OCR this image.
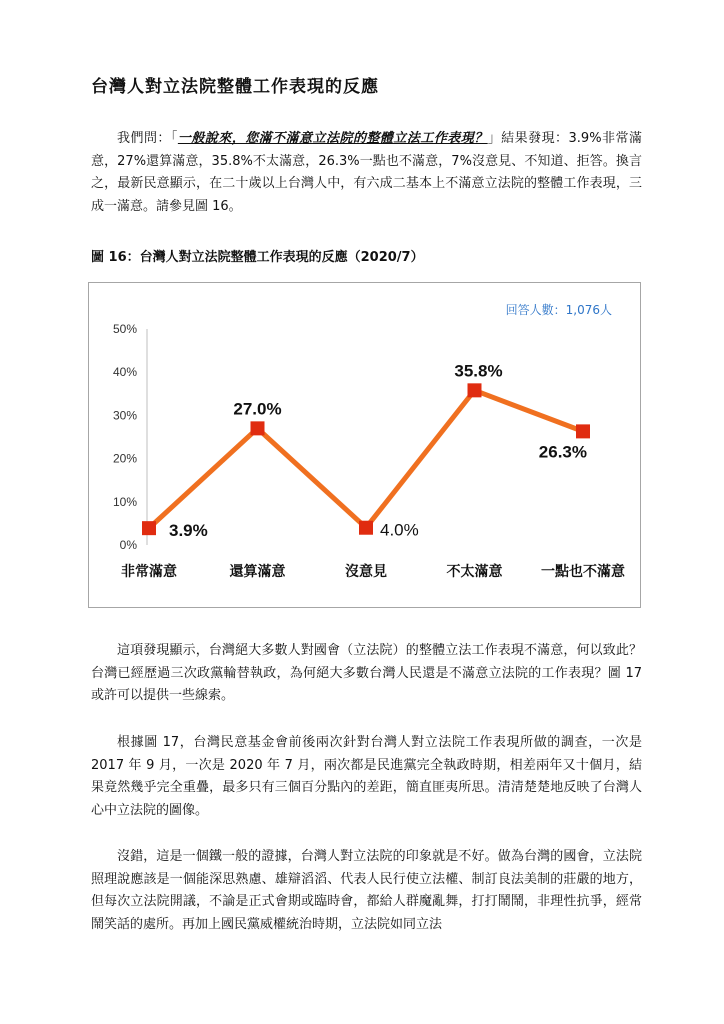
台灣人對立法院整體工作表現的反應

我們問：「一般說來，您滿不滿意立法院的整體立法工作表現？」結果發現：3.9%非常滿意，27%還算滿意，35.8%不太滿意，26.3%一點也不滿意，7%沒意見、不知道、拒答。換言之，最新民意顯示，在二十歲以上台灣人中，有六成二基本上不滿意立法院的整體工作表現，三成一滿意。請參見圖 16。

圖 16：台灣人對立法院整體工作表現的反應（2020/7）

回答人數：1,076人
0%
10%
20%
30%
40%
50%
非常滿意	還算滿意	沒意見	不太滿意	一點也不滿意
3.9%
27.0%
4.0%
35.8%
26.3%

這項發現顯示，台灣絕大多數人對國會（立法院）的整體立法工作表現不滿意，何以致此？台灣已經歷過三次政黨輪替執政，為何絕大多數台灣人民還是不滿意立法院的工作表現？圖 17 或許可以提供一些線索。

根據圖 17，台灣民意基金會前後兩次針對台灣人對立法院工作表現所做的調查，一次是 2017 年 9 月，一次是 2020 年 7 月，兩次都是民進黨完全執政時期，相差兩年又十個月，結果竟然幾乎完全重疊，最多只有三個百分點內的差距，簡直匪夷所思。清清楚楚地反映了台灣人心中立法院的圖像。

沒錯，這是一個鐵一般的證據，台灣人對立法院的印象就是不好。做為台灣的國會，立法院照理說應該是一個能深思熟慮、雄辯滔滔、代表人民行使立法權、制訂良法美制的莊嚴的地方，但每次立法院開議，不論是正式會期或臨時會，都給人群魔亂舞，打打鬧鬧，非理性抗爭，經常鬧笑話的處所。再加上國民黨威權統治時期，立法院如同立法
